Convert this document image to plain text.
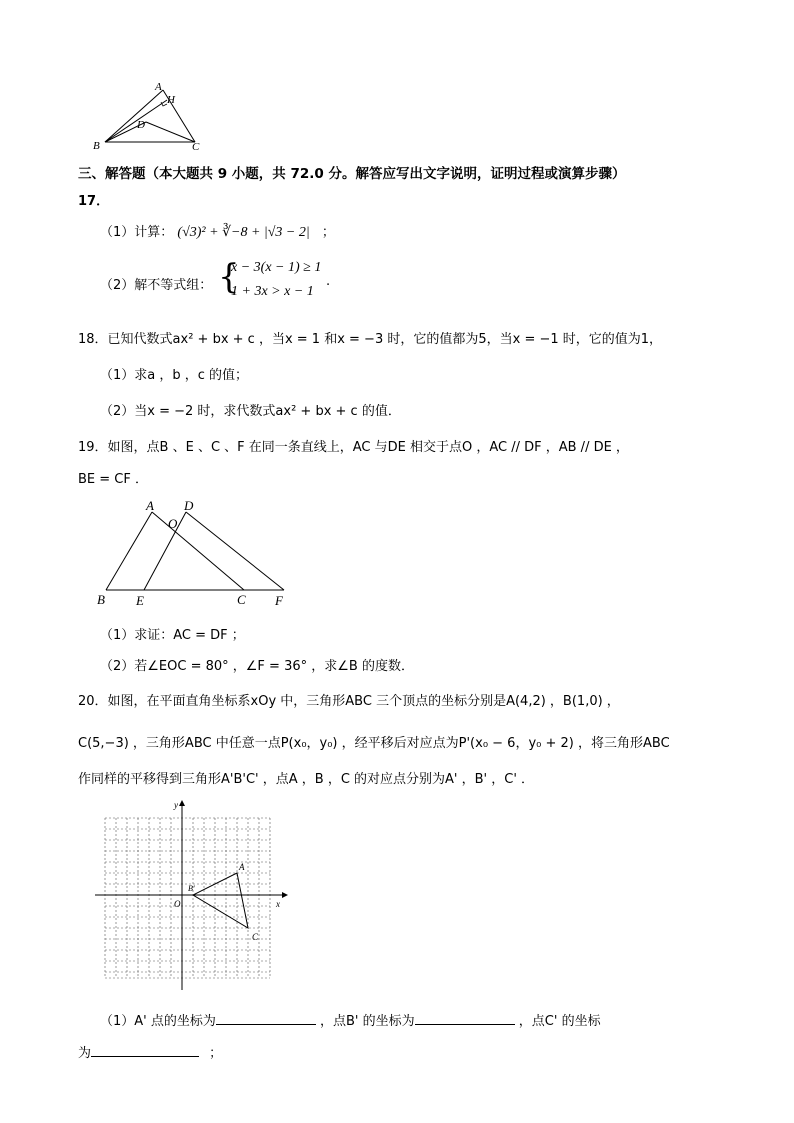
A
H
D
B	C
三、解答题（本大题共 9 小题，共 72.0 分。解答应写出文字说明，证明过程或演算步骤）
17．
（1）计算： (√3)² + ∛−8 + |√3 − 2| ；
（2）解不等式组： {
x − 3(x − 1) ≥ 1
1 + 3x > x − 1
.
18．已知代数式ax² + bx + c ，当x = 1 和x = −3 时，它的值都为5，当x = −1 时，它的值为1，
（1）求a ，b ，c 的值；
（2）当x = −2 时，求代数式ax² + bx + c 的值．
19．如图，点B 、E 、C 、F 在同一条直线上，AC 与DE 相交于点O ，AC // DF ，AB // DE ，
BE = CF ．
A
O
D
B E	C F
（1）求证：AC = DF ；
（2）若∠EOC = 80° ，∠F = 36° ，求∠B 的度数．
20．如图，在平面直角坐标系xOy 中，三角形ABC 三个顶点的坐标分别是A(4,2) ，B(1,0) ，
C(5,−3) ，三角形ABC 中任意一点P(x₀，y₀) ，经平移后对应点为P'(x₀ − 6，y₀ + 2) ，将三角形ABC
作同样的平移得到三角形A'B'C' ，点A ，B ，C 的对应点分别为A' ，B' ，C' ．
y
x
O
A
B'
C
（1）A' 点的坐标为	，点B' 的坐标为	，点C' 的坐标
为	；
